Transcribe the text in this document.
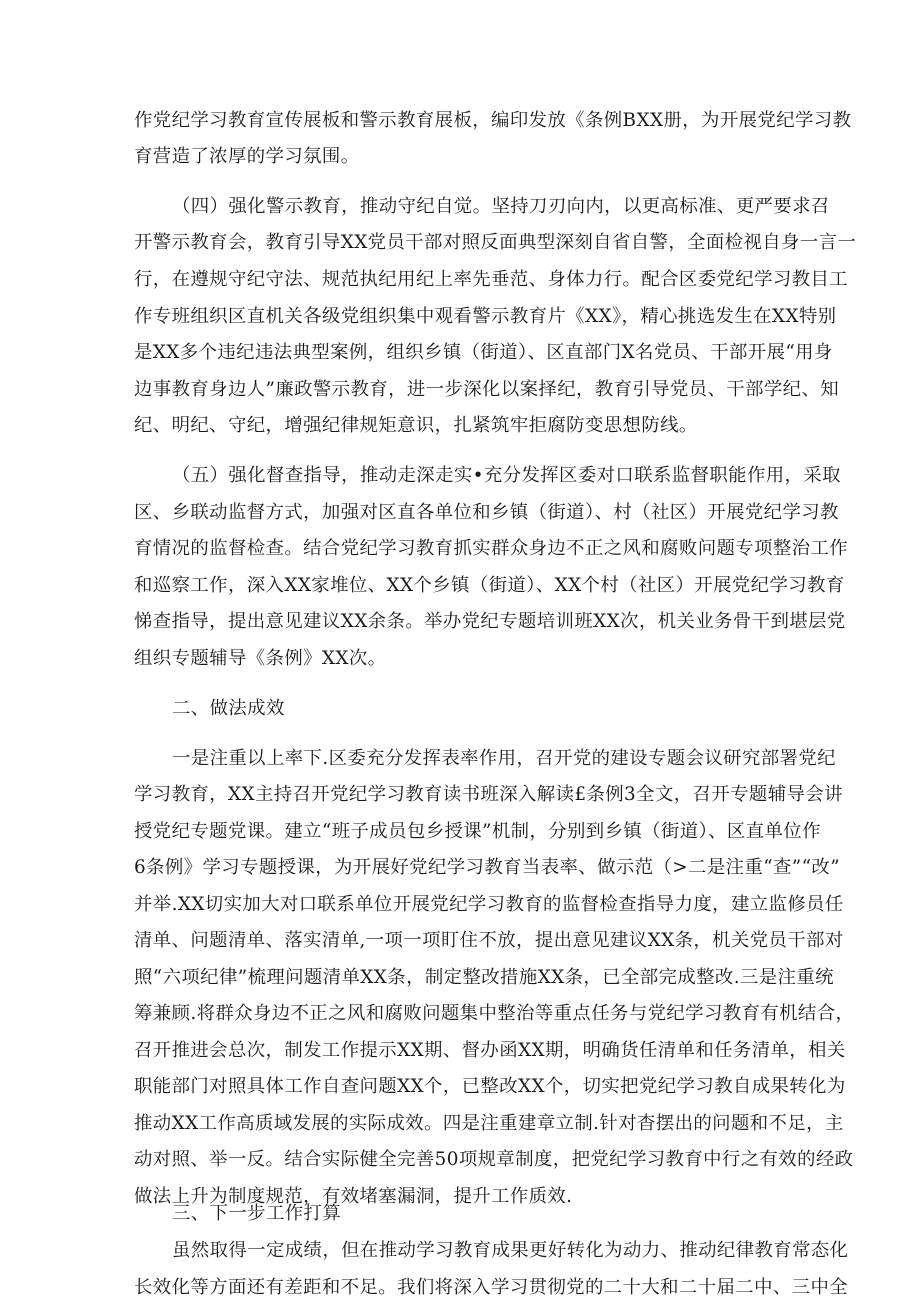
作党纪学习教育宣传展板和警示教育展板，编印发放《条例BXX册，为开展党纪学习教
育营造了浓厚的学习氛围。
（四）强化警示教育，推动守纪自觉。坚持刀刃向内，以更高标准、更严要求召
开警示教育会，教育引导XX党员干部对照反面典型深刻自省自警，全面检视自身一言一
行，在遵规守纪守法、规范执纪用纪上率先垂范、身体力行。配合区委党纪学习教目工
作专班组织区直机关各级党组织集中观看警示教育片《XX》，精心挑选发生在XX特别
是XX多个违纪违法典型案例，组织乡镇（街道）、区直部门X名党员、干部开展“用身
边事教育身边人”廉政警示教育，进一步深化以案择纪，教育引导党员、干部学纪、知
纪、明纪、守纪，增强纪律规矩意识，扎紧筑牢拒腐防变思想防线。
（五）强化督查指导，推动走深走实•充分发挥区委对口联系监督职能作用，采取
区、乡联动监督方式，加强对区直各单位和乡镇（街道）、村（社区）开展党纪学习教
育情况的监督检查。结合党纪学习教育抓实群众身边不正之风和腐败问题专项整治工作
和巡察工作，深入XX家堆位、XX个乡镇（街道）、XX个村（社区）开展党纪学习教育
悌查指导，提出意见建议XX余条。举办党纪专题培训班XX次，机关业务骨干到堪层党
组织专题辅导《条例》XX次。
一是注重以上率下.区委充分发挥表率作用，召开党的建设专题会议研究部署党纪
学习教育，XX主持召开党纪学习教育读书班深入解读£条例3全文，召开专题辅导会讲
授党纪专题党课。建立“班子成员包乡授课”机制，分别到乡镇（街道）、区直单位作
6条例》学习专题授课，为开展好党纪学习教育当表率、做示范（>二是注重“查”“改”
并举.XX切实加大对口联系单位开展党纪学习教育的监督检查指导力度，建立监修员任
清单、问题清单、落实清单,一项一项盯住不放，提出意见建议XX条，机关党员干部对
照“六项纪律”梳理问题清单XX条，制定整改措施XX条，已全部完成整改.三是注重统
筹兼顾.将群众身边不正之风和腐败问题集中整治等重点任务与党纪学习教育有机结合，
召开推进会总次，制发工作提示XX期、督办函XX期，明确货任清单和任务清单，相关
职能部门对照具体工作自查问题XX个，已整改XX个，切实把党纪学习教自成果转化为
推动XX工作高质域发展的实际成效。四是注重建章立制.针对杳摆出的问题和不足，主
动对照、举一反。结合实际健全完善50项规章制度，把党纪学习教育中行之有效的经政
做法上升为制度规范，有效堵塞漏洞，提升工作质效.
虽然取得一定成绩，但在推动学习教育成果更好转化为动力、推动纪律教育常态化
长效化等方面还有差距和不足。我们将深入学习贯彻党的二十大和二十届二中、三中全
二、做法成效
三、下一步工作打算
